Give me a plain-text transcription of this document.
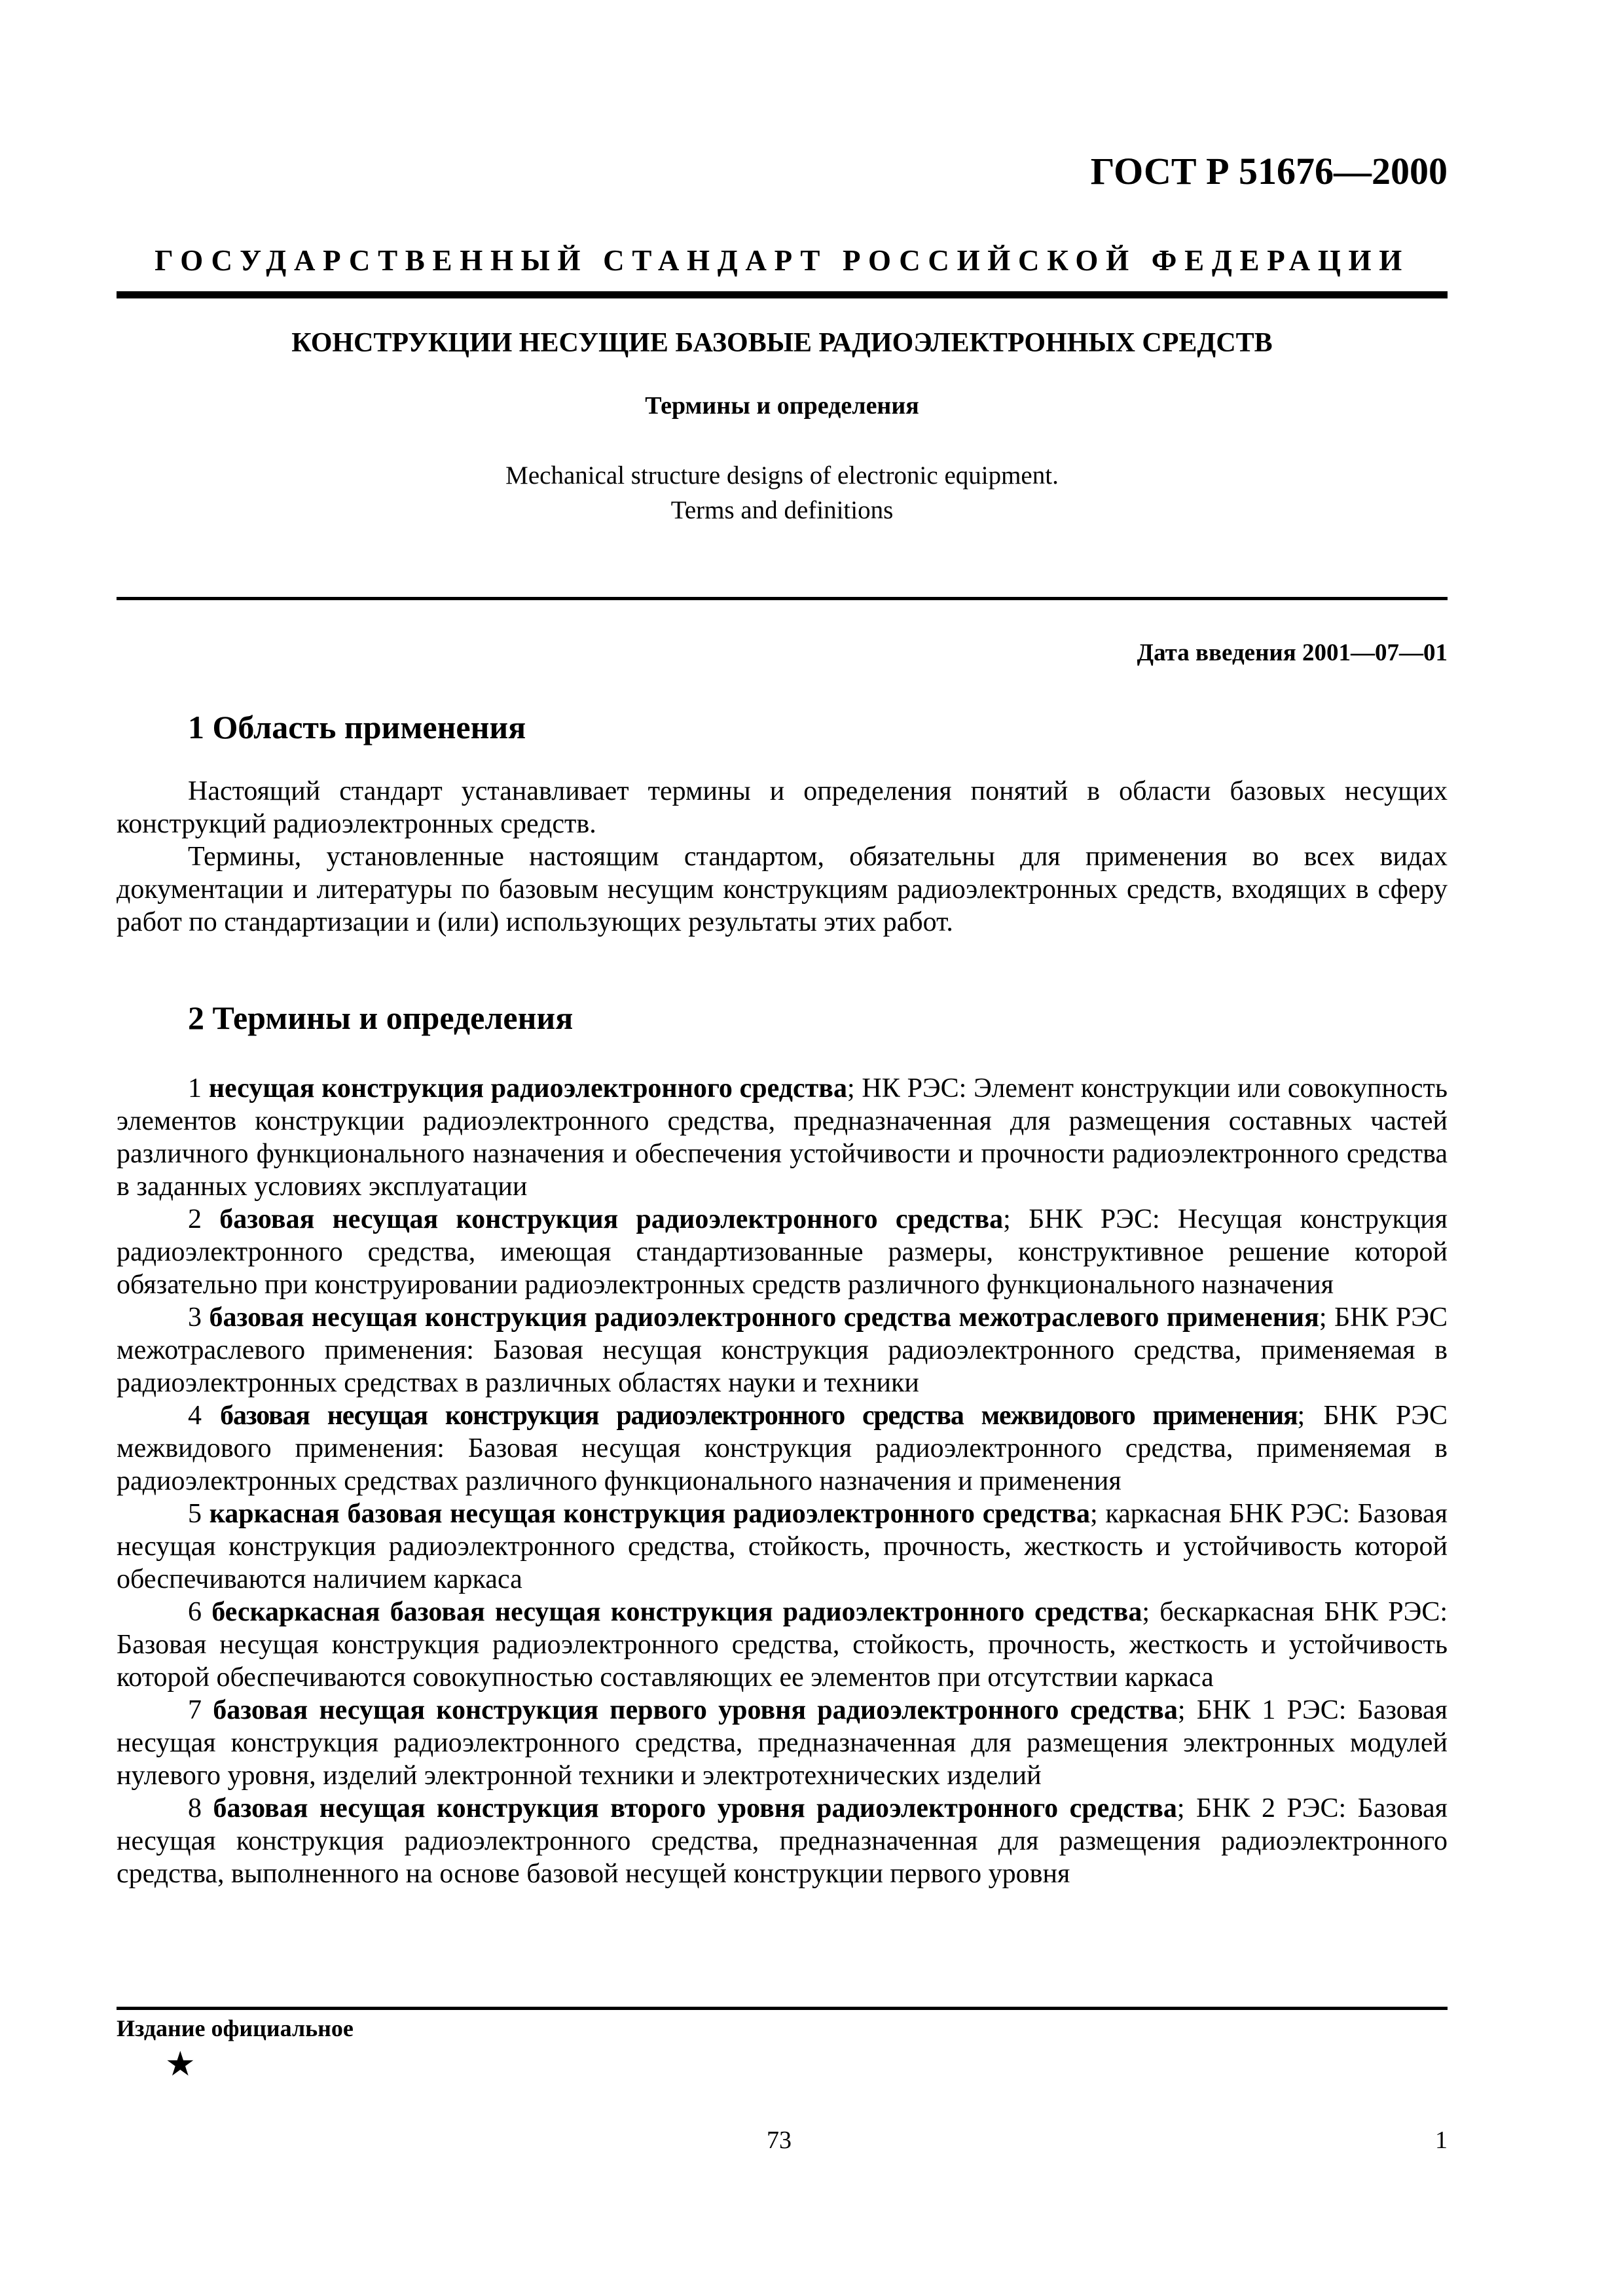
ГОСТ Р 51676—2000
ГОСУДАРСТВЕННЫЙ СТАНДАРТ РОССИЙСКОЙ ФЕДЕРАЦИИ
КОНСТРУКЦИИ НЕСУЩИЕ БАЗОВЫЕ РАДИОЭЛЕКТРОННЫХ СРЕДСТВ
Термины и определения
Mechanical structure designs of electronic equipment.
Terms and definitions
Дата введения 2001—07—01
1 Область применения

Настоящий стандарт устанавливает термины и определения понятий в области базовых несущих конструкций радиоэлектронных средств.

Термины, установленные настоящим стандартом, обязательны для применения во всех видах документации и литературы по базовым несущим конструкциям радиоэлектронных средств, входящих в сферу работ по стандартизации и (или) использующих результаты этих работ.

2 Термины и определения

1 несущая конструкция радиоэлектронного средства; НК РЭС: Элемент конструкции или совокупность элементов конструкции радиоэлектронного средства, предназначенная для размещения составных частей различного функционального назначения и обеспечения устойчивости и прочности радиоэлектронного средства в заданных условиях эксплуатации

2 базовая несущая конструкция радиоэлектронного средства; БНК РЭС: Несущая конструкция радиоэлектронного средства, имеющая стандартизованные размеры, конструктивное решение которой обязательно при конструировании радиоэлектронных средств различного функционального назначения

3 базовая несущая конструкция радиоэлектронного средства межотраслевого применения; БНК РЭС межотраслевого применения: Базовая несущая конструкция радиоэлектронного средства, применяемая в радиоэлектронных средствах в различных областях науки и техники

4 базовая несущая конструкция радиоэлектронного средства межвидового применения; БНК РЭС межвидового применения: Базовая несущая конструкция радиоэлектронного средства, применяемая в радиоэлектронных средствах различного функционального назначения и применения

5 каркасная базовая несущая конструкция радиоэлектронного средства; каркасная БНК РЭС: Базовая несущая конструкция радиоэлектронного средства, стойкость, прочность, жесткость и устойчивость которой обеспечиваются наличием каркаса

6 бескаркасная базовая несущая конструкция радиоэлектронного средства; бескаркасная БНК РЭС: Базовая несущая конструкция радиоэлектронного средства, стойкость, прочность, жесткость и устойчивость которой обеспечиваются совокупностью составляющих ее элементов при отсутствии каркаса

7 базовая несущая конструкция первого уровня радиоэлектронного средства; БНК 1 РЭС: Базовая несущая конструкция радиоэлектронного средства, предназначенная для размещения электронных модулей нулевого уровня, изделий электронной техники и электротехнических изделий

8 базовая несущая конструкция второго уровня радиоэлектронного средства; БНК 2 РЭС: Базовая несущая конструкция радиоэлектронного средства, предназначенная для размещения радиоэлектронного средства, выполненного на основе базовой несущей конструкции первого уровня

Издание официальное
★
73	1
